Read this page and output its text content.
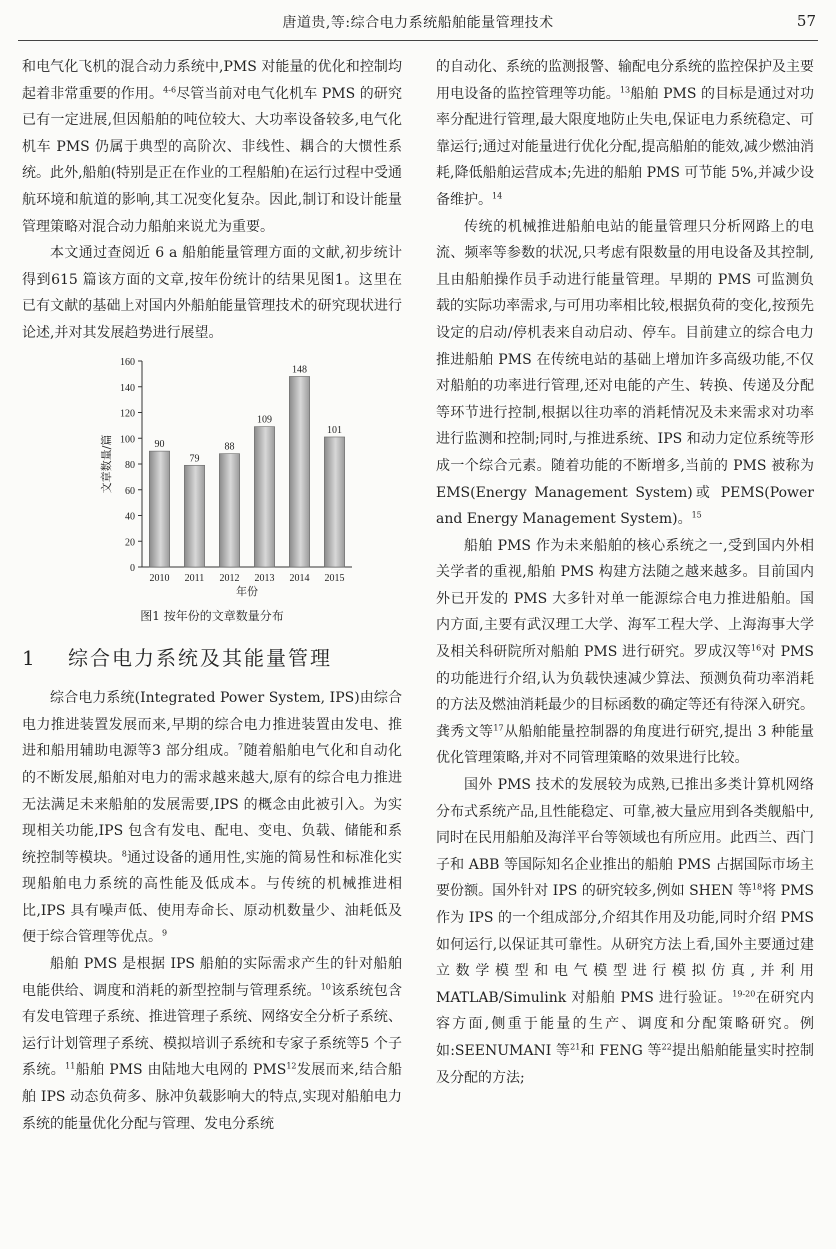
唐道贵,等:综合电力系统船舶能量管理技术	57

和电气化飞机的混合动力系统中,PMS 对能量的优化和控制均起着非常重要的作用。$^{4-6}$尽管当前对电气化机车 PMS 的研究已有一定进展,但因船舶的吨位较大、大功率设备较多,电气化机车 PMS 仍属于典型的高阶次、非线性、耦合的大惯性系统。此外,船舶(特别是正在作业的工程船舶)在运行过程中受通航环境和航道的影响,其工况变化复杂。因此,制订和设计能量管理策略对混合动力船舶来说尤为重要。

本文通过查阅近 6 a 船舶能量管理方面的文献,初步统计得到615 篇该方面的文章,按年份统计的结果见图1。这里在已有文献的基础上对国内外船舶能量管理技术的研究现状进行论述,并对其发展趋势进行展望。

0
20
40
60
80
100
120
140
160
90
2010
79
2011
88
2012
109
2013
148
2014
101
2015
年份
文章数量/篇
图1 按年份的文章数量分布
1 综合电力系统及其能量管理

综合电力系统(Integrated Power System, IPS)由综合电力推进装置发展而来,早期的综合电力推进装置由发电、推进和船用辅助电源等3 部分组成。$^7$随着船舶电气化和自动化的不断发展,船舶对电力的需求越来越大,原有的综合电力推进无法满足未来船舶的发展需要,IPS 的概念由此被引入。为实现相关功能,IPS 包含有发电、配电、变电、负载、储能和系统控制等模块。$^8$通过设备的通用性,实施的简易性和标准化实现船舶电力系统的高性能及低成本。与传统的机械推进相比,IPS 具有噪声低、使用寿命长、原动机数量少、油耗低及便于综合管理等优点。$^9$

船舶 PMS 是根据 IPS 船舶的实际需求产生的针对船舶电能供给、调度和消耗的新型控制与管理系统。$^{10}$该系统包含有发电管理子系统、推进管理子系统、网络安全分析子系统、运行计划管理子系统、模拟培训子系统和专家子系统等5 个子系统。$^{11}$船舶 PMS 由陆地大电网的 PMS$^{12}$发展而来,结合船舶 IPS 动态负荷多、脉冲负载影响大的特点,实现对船舶电力系统的能量优化分配与管理、发电分系统

的自动化、系统的监测报警、输配电分系统的监控保护及主要用电设备的监控管理等功能。$^{13}$船舶 PMS 的目标是通过对功率分配进行管理,最大限度地防止失电,保证电力系统稳定、可靠运行;通过对能量进行优化分配,提高船舶的能效,减少燃油消耗,降低船舶运营成本;先进的船舶 PMS 可节能 5%,并减少设备维护。$^{14}$

传统的机械推进船舶电站的能量管理只分析网路上的电流、频率等参数的状况,只考虑有限数量的用电设备及其控制,且由船舶操作员手动进行能量管理。早期的 PMS 可监测负载的实际功率需求,与可用功率相比较,根据负荷的变化,按预先设定的启动/停机表来自动启动、停车。目前建立的综合电力推进船舶 PMS 在传统电站的基础上增加许多高级功能,不仅对船舶的功率进行管理,还对电能的产生、转换、传递及分配等环节进行控制,根据以往功率的消耗情况及未来需求对功率进行监测和控制;同时,与推进系统、IPS 和动力定位系统等形成一个综合元素。随着功能的不断增多,当前的 PMS 被称为 EMS(Energy Management System)或 PEMS(Power and Energy Management System)。$^{15}$

船舶 PMS 作为未来船舶的核心系统之一,受到国内外相关学者的重视,船舶 PMS 构建方法随之越来越多。目前国内外已开发的 PMS 大多针对单一能源综合电力推进船舶。国内方面,主要有武汉理工大学、海军工程大学、上海海事大学及相关科研院所对船舶 PMS 进行研究。罗成汉等$^{16}$对 PMS 的功能进行介绍,认为负载快速减少算法、预测负荷功率消耗的方法及燃油消耗最少的目标函数的确定等还有待深入研究。龚秀文等$^{17}$从船舶能量控制器的角度进行研究,提出 3 种能量优化管理策略,并对不同管理策略的效果进行比较。

国外 PMS 技术的发展较为成熟,已推出多类计算机网络分布式系统产品,且性能稳定、可靠,被大量应用到各类舰船中,同时在民用船舶及海洋平台等领域也有所应用。此西兰、西门子和 ABB 等国际知名企业推出的船舶 PMS 占据国际市场主要份额。国外针对 IPS 的研究较多,例如 SHEN 等$^{18}$将 PMS 作为 IPS 的一个组成部分,介绍其作用及功能,同时介绍 PMS 如何运行,以保证其可靠性。从研究方法上看,国外主要通过建立数学模型和电气模型进行模拟仿真,并利用 MATLAB/Simulink 对船舶 PMS 进行验证。$^{19-20}$在研究内容方面,侧重于能量的生产、调度和分配策略研究。例如:SEENUMANI 等$^{21}$和 FENG 等$^{22}$提出船舶能量实时控制及分配的方法;
